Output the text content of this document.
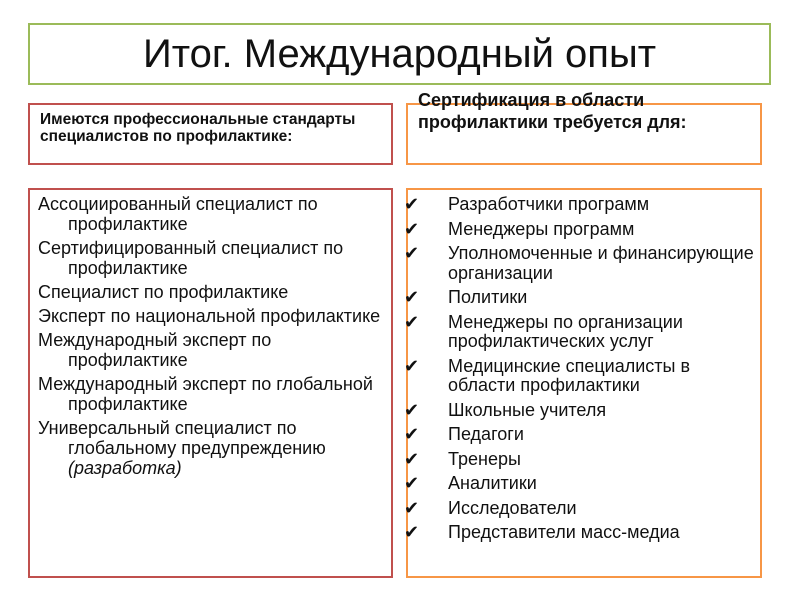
Итог. Международный опыт
Имеются профессиональные стандарты специалистов по профилактике:
Сертификация в области профилактики требуется для:
Ассоциированный специалист по профилактике
Сертифицированный специалист по профилактике
Специалист по профилактике
Эксперт по национальной профилактике
Международный эксперт по профилактике
Международный эксперт по глобальной профилактике
Универсальный специалист по глобальному предупреждению (разработка)
✔ Разработчики программ
✔ Менеджеры программ
✔ Уполномоченные и финансирующие организации
✔ Политики
✔ Менеджеры по организации профилактических услуг
✔ Медицинские специалисты в области профилактики
✔ Школьные учителя
✔ Педагоги
✔ Тренеры
✔ Аналитики
✔ Исследователи
✔ Представители масс-медиа
